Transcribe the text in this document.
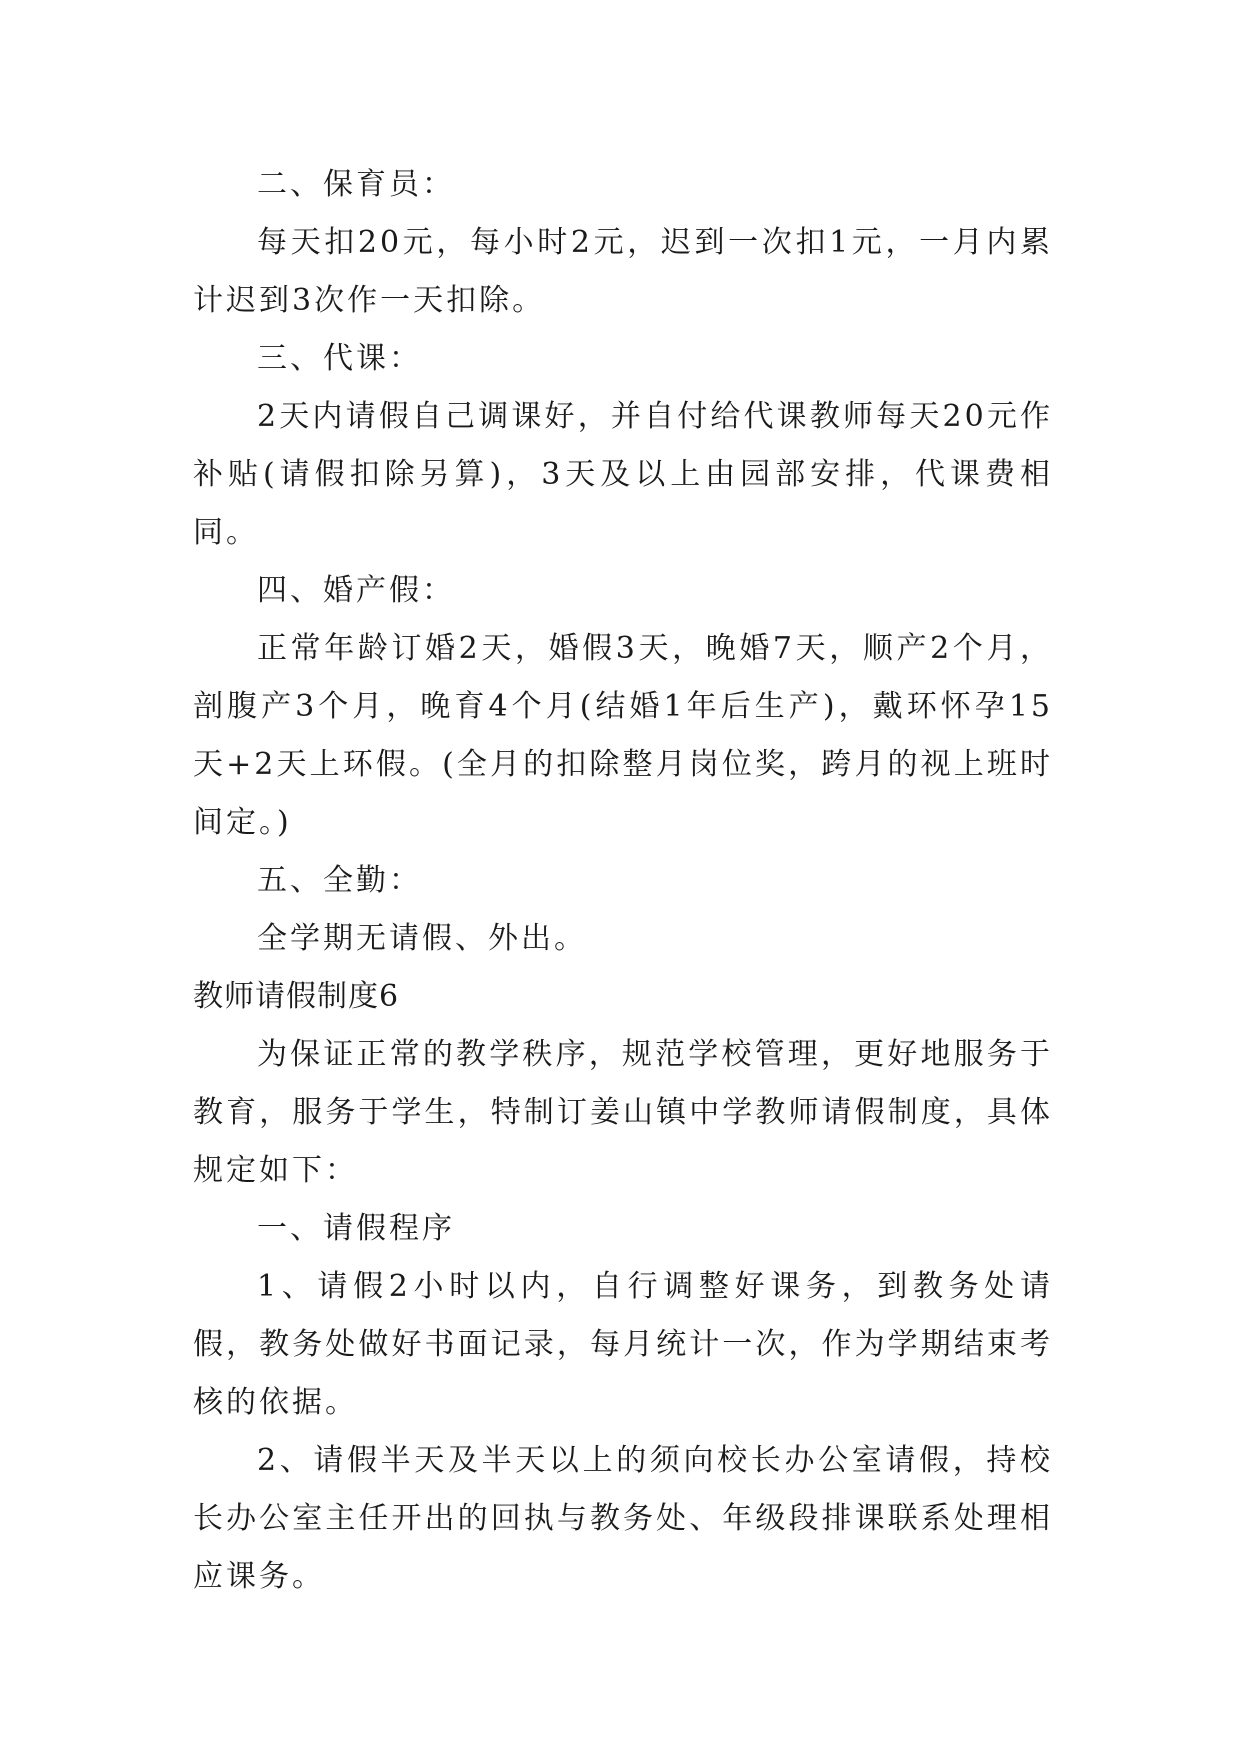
二、保育员：

每天扣20元，每小时2元，迟到一次扣1元，一月内累计迟到3次作一天扣除。

三、代课：

2天内请假自己调课好，并自付给代课教师每天20元作补贴(请假扣除另算)，3天及以上由园部安排，代课费相同。

四、婚产假：

正常年龄订婚2天，婚假3天，晚婚7天，顺产2个月，剖腹产3个月，晚育4个月(结婚1年后生产)，戴环怀孕15天+2天上环假。(全月的扣除整月岗位奖，跨月的视上班时间定。)

五、全勤：

全学期无请假、外出。

教师请假制度6

为保证正常的教学秩序，规范学校管理，更好地服务于教育，服务于学生，特制订姜山镇中学教师请假制度，具体规定如下：

一、请假程序

1、请假2小时以内，自行调整好课务，到教务处请假，教务处做好书面记录，每月统计一次，作为学期结束考核的依据。

2、请假半天及半天以上的须向校长办公室请假，持校长办公室主任开出的回执与教务处、年级段排课联系处理相应课务。
